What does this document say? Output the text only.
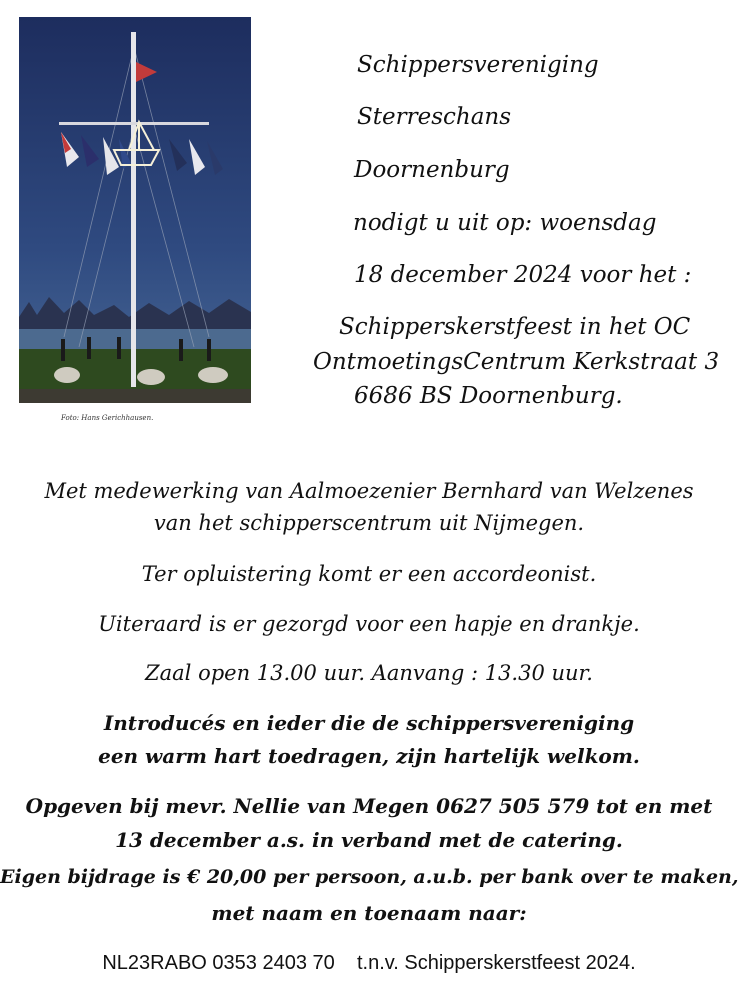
Foto: Hans Gerichhausen.
Schippersvereniging
Sterreschans
Doornenburg
nodigt u uit op: woensdag
18 december 2024 voor het :
Schipperskerstfeest in het OC
OntmoetingsCentrum Kerkstraat 3
6686 BS Doornenburg.
Met medewerking van Aalmoezenier Bernhard van Welzenes
van het schipperscentrum uit Nijmegen.
Ter opluistering komt er een accordeonist.
Uiteraard is er gezorgd voor een hapje en drankje.
Zaal open 13.00 uur. Aanvang : 13.30 uur.
Introducés en ieder die de schippersvereniging
een warm hart toedragen, zijn hartelijk welkom.
Opgeven bij mevr. Nellie van Megen 0627 505 579 tot en met
13 december a.s. in verband met de catering.
Eigen bijdrage is € 20,00 per persoon, a.u.b. per bank over te maken,
met naam en toenaam naar:
NL23RABO 0353 2403 70    t.n.v. Schipperskerstfeest 2024.
